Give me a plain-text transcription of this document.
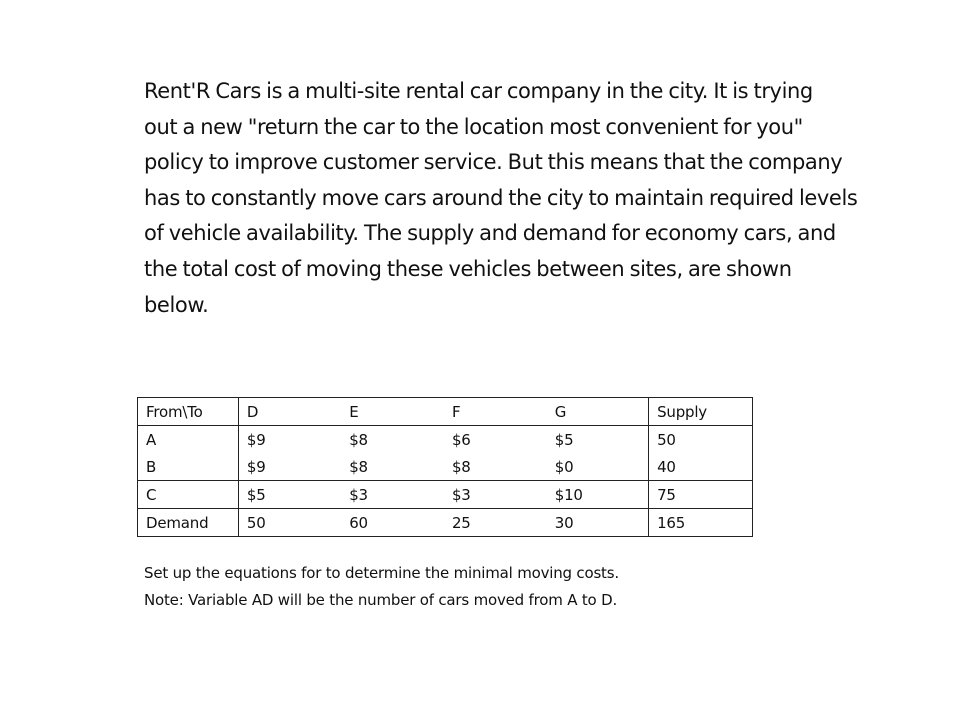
Rent'R Cars is a multi-site rental car company in the city. It is trying
out a new "return the car to the location most convenient for you"
policy to improve customer service. But this means that the company
has to constantly move cars around the city to maintain required levels
of vehicle availability. The supply and demand for economy cars, and
the total cost of moving these vehicles between sites, are shown
below.

From\To	D	E	F	G	Supply
A	$9	$8	$6	$5	50
B	$9	$8	$8	$0	40
C	$5	$3	$3	$10	75
Demand	50	60	25	30	165

Set up the equations for to determine the minimal moving costs.
Note: Variable AD will be the number of cars moved from A to D.
